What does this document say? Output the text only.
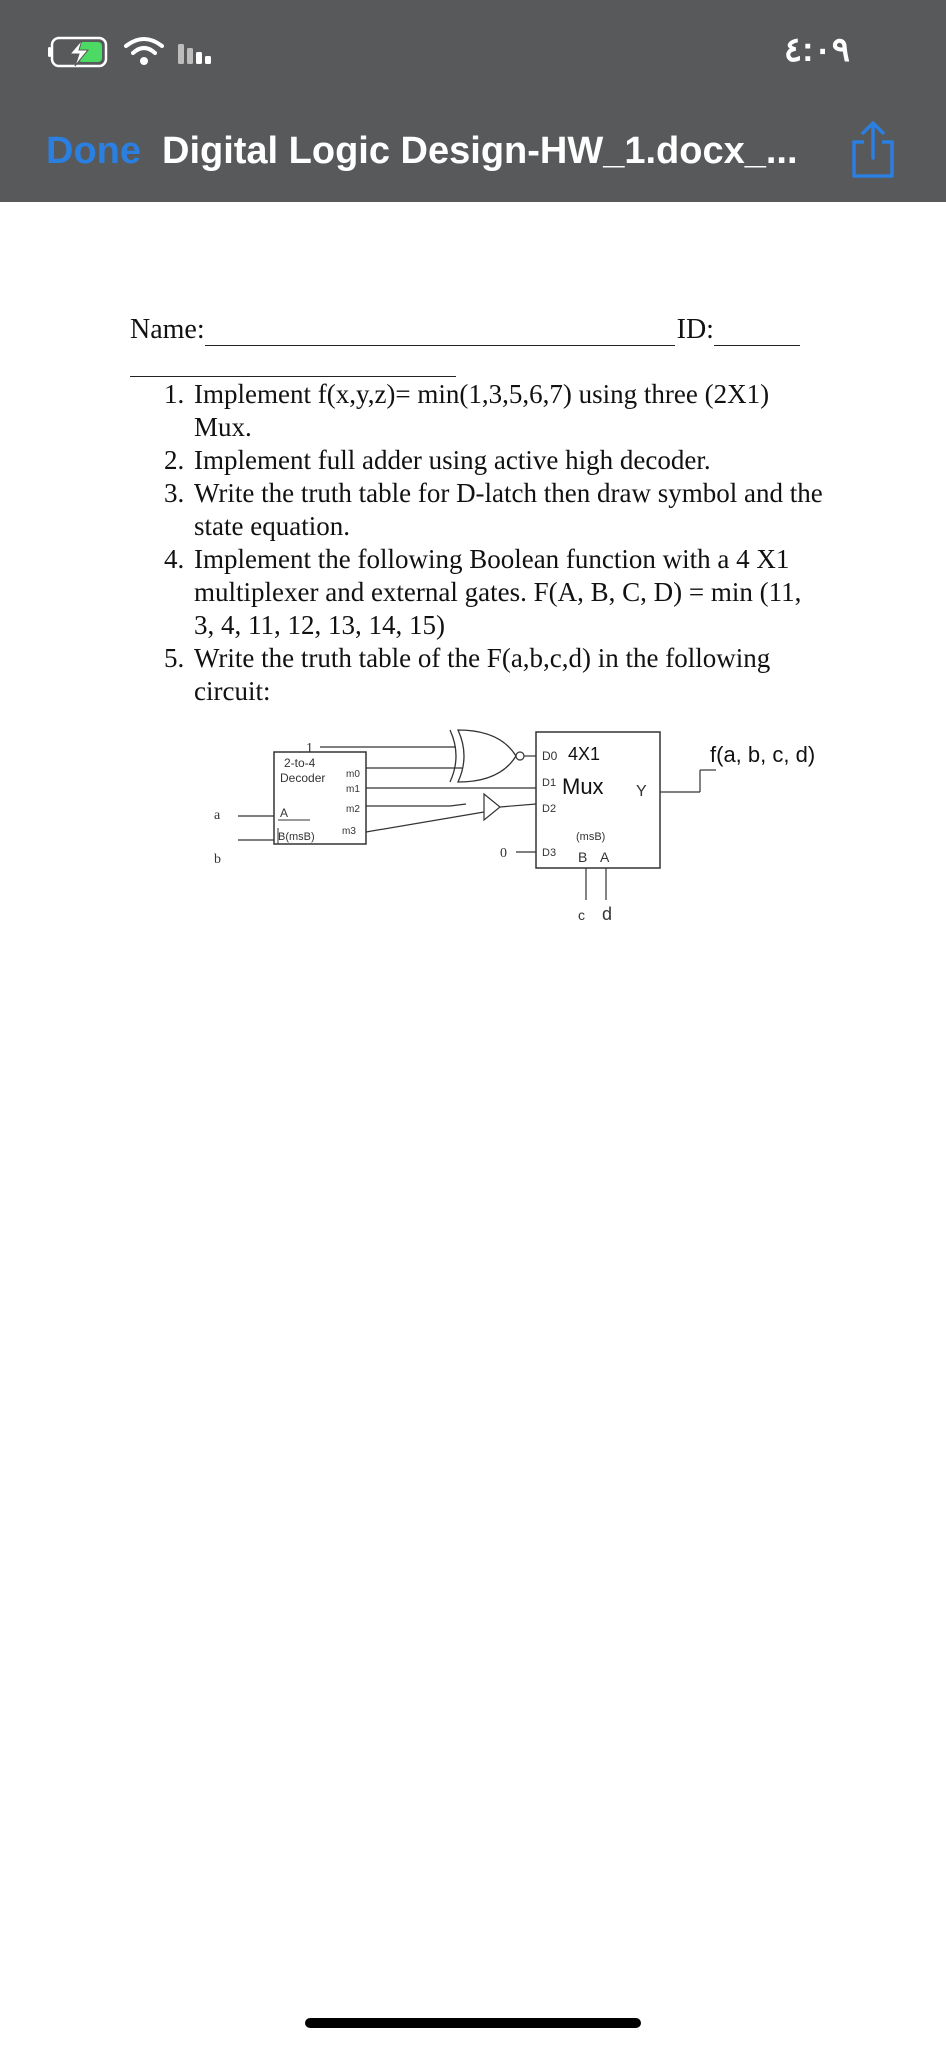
٤:٠٩
Done Digital Logic Design-HW_1.docx_...
Name:	ID:
1. Implement f(x,y,z)= min(1,3,5,6,7) using three (2X1) Mux.
2. Implement full adder using active high decoder.
3. Write the truth table for D-latch then draw symbol and the state equation.
4. Implement the following Boolean function with a 4 X1 multiplexer and external gates. F(A, B, C, D) = min (11, 3, 4, 11, 12, 13, 14, 15)
5. Write the truth table of the F(a,b,c,d) in the following circuit:
2-to-4
Decoder
A
B(msB)
m0
m1
m2
m3
a
b
1
0
D0 4X1
D1 Mux Y
D2
D3
(msB)
B A
c d
f(a, b, c, d)
